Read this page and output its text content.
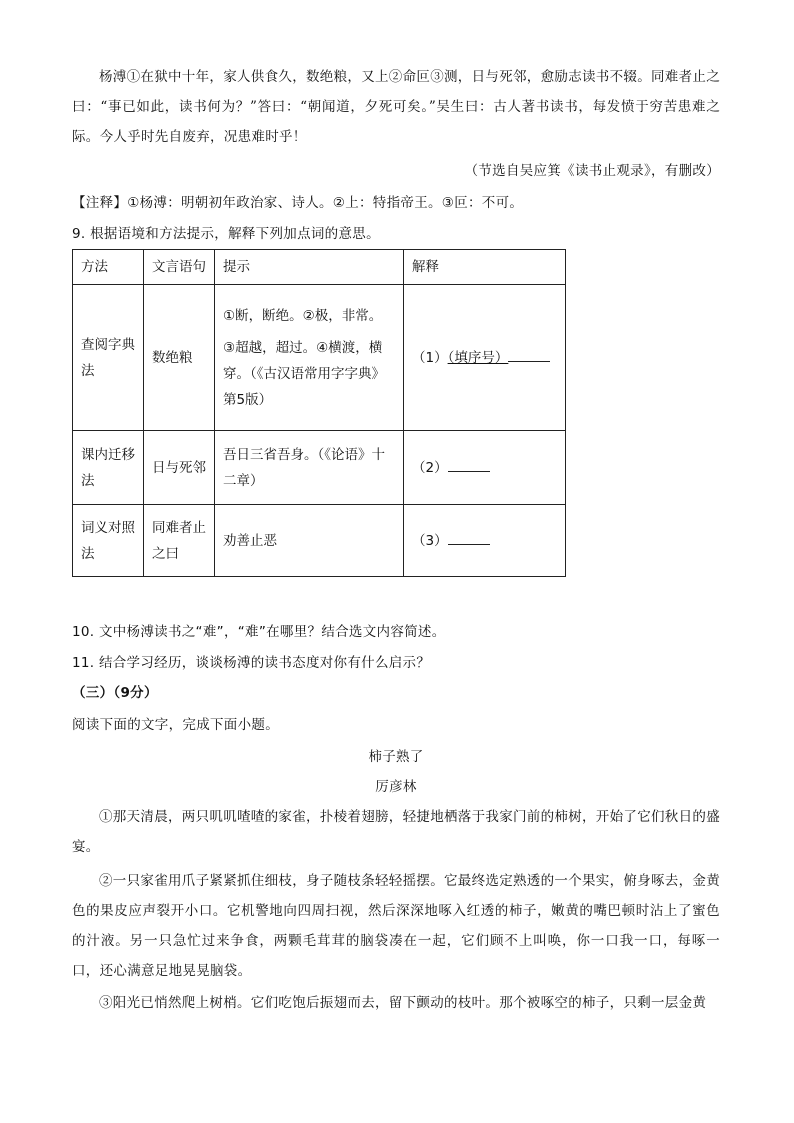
杨溥①在狱中十年，家人供食久，数绝粮，又上②命叵③测，日与死邻，愈励志读书不辍。同难者止之曰：“事已如此，读书何为？”答曰：“朝闻道，夕死可矣。”吴生曰：古人著书读书，每发愤于穷苦患难之际。今人乎时先自废弃，况患难时乎！
（节选自吴应箕《读书止观录》，有删改）
【注释】①杨溥：明朝初年政治家、诗人。②上：特指帝王。③叵：不可。
9. 根据语境和方法提示，解释下列加点词的意思。
方法	文言语句	提示	解释
查阅字典法	数绝粮	①断，断绝。②极，非常。
③超越，超过。④横渡，横穿。（《古汉语常用字字典》第5版）	（1）（填序号）
课内迁移法	日与死邻	吾日三省吾身。（《论语》十二章）	（2）
词义对照法	同难者止之曰	劝善止恶	（3）
10. 文中杨溥读书之“难”，“难”在哪里？结合选文内容简述。
11. 结合学习经历，谈谈杨溥的读书态度对你有什么启示？
（三）（9分）
阅读下面的文字，完成下面小题。
柿子熟了
厉彦林
①那天清晨，两只叽叽喳喳的家雀，扑棱着翅膀，轻捷地栖落于我家门前的柿树，开始了它们秋日的盛宴。
②一只家雀用爪子紧紧抓住细枝，身子随枝条轻轻摇摆。它最终选定熟透的一个果实，俯身啄去，金黄色的果皮应声裂开小口。它机警地向四周扫视，然后深深地啄入红透的柿子，嫩黄的嘴巴顿时沾上了蜜色的汁液。另一只急忙过来争食，两颗毛茸茸的脑袋凑在一起，它们顾不上叫唤，你一口我一口，每啄一口，还心满意足地晃晃脑袋。
③阳光已悄然爬上树梢。它们吃饱后振翅而去，留下颤动的枝叶。那个被啄空的柿子，只剩一层金黄
